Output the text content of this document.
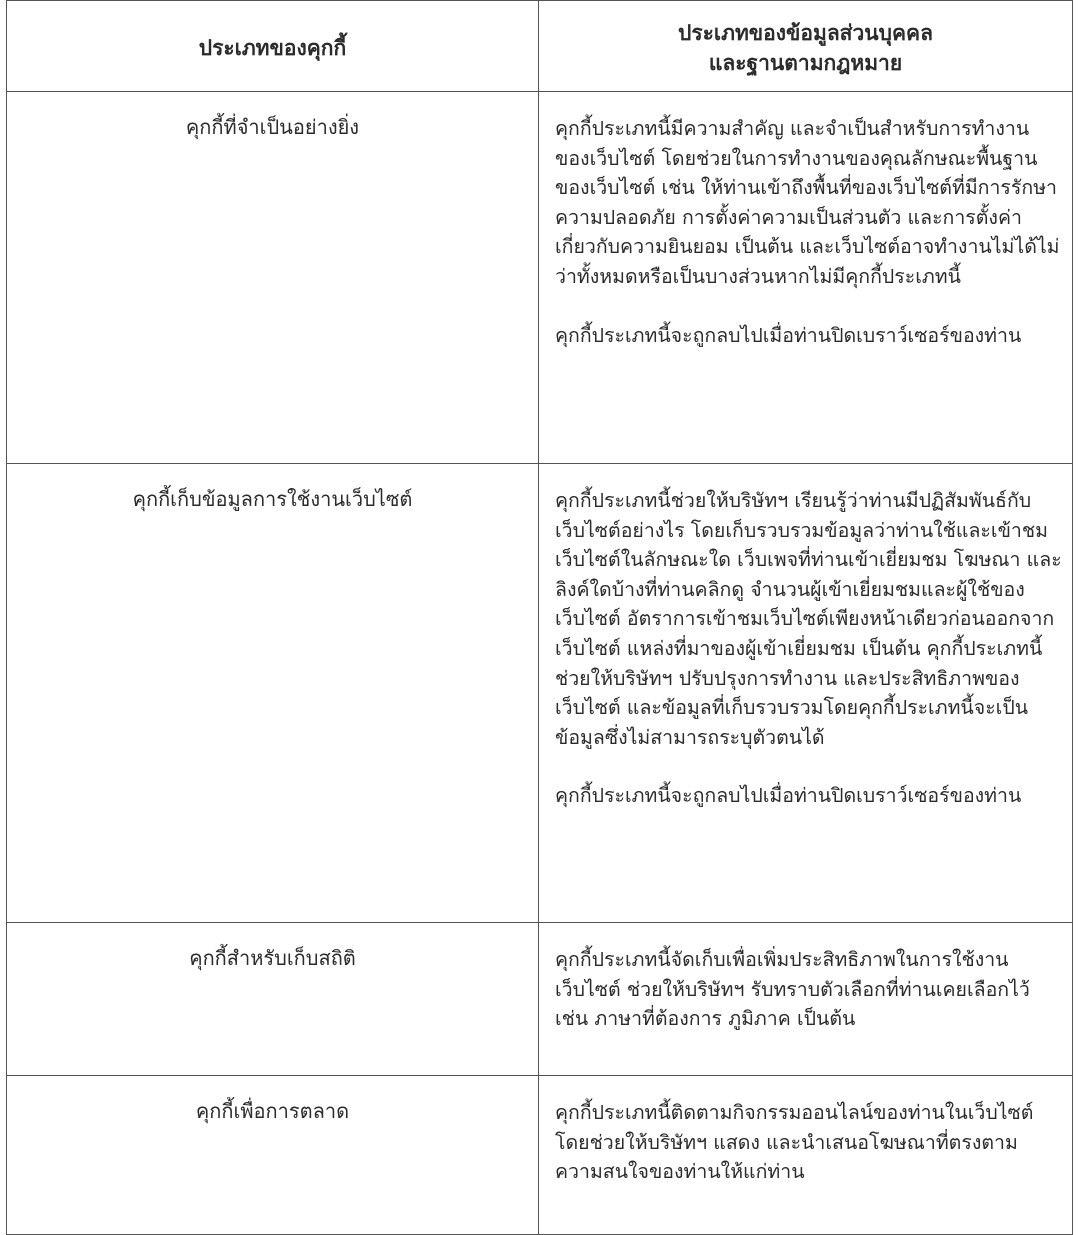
ประเภทของคุกกี้	ประเภทของข้อมูลส่วนบุคคล
และฐานตามกฎหมาย

คุกกี้ที่จำเป็นอย่างยิ่ง	คุกกี้ประเภทนี้มีความสำคัญ และจำเป็นสำหรับการทำงานของเว็บไซต์ โดยช่วยในการทำงานของคุณลักษณะพื้นฐานของเว็บไซต์ เช่น ให้ท่านเข้าถึงพื้นที่ของเว็บไซต์ที่มีการรักษาความปลอดภัย การตั้งค่าความเป็นส่วนตัว และการตั้งค่าเกี่ยวกับความยินยอม เป็นต้น และเว็บไซต์อาจทำงานไม่ได้ไม่ว่าทั้งหมดหรือเป็นบางส่วนหากไม่มีคุกกี้ประเภทนี้

คุกกี้ประเภทนี้จะถูกลบไปเมื่อท่านปิดเบราว์เซอร์ของท่าน

คุกกี้เก็บข้อมูลการใช้งานเว็บไซต์	คุกกี้ประเภทนี้ช่วยให้บริษัทฯ เรียนรู้ว่าท่านมีปฏิสัมพันธ์กับเว็บไซต์อย่างไร โดยเก็บรวบรวมข้อมูลว่าท่านใช้และเข้าชมเว็บไซต์ในลักษณะใด เว็บเพจที่ท่านเข้าเยี่ยมชม โฆษณา และลิงค์ใดบ้างที่ท่านคลิกดู จำนวนผู้เข้าเยี่ยมชมและผู้ใช้ของเว็บไซต์ อัตราการเข้าชมเว็บไซต์เพียงหน้าเดียวก่อนออกจากเว็บไซต์ แหล่งที่มาของผู้เข้าเยี่ยมชม เป็นต้น คุกกี้ประเภทนี้ช่วยให้บริษัทฯ ปรับปรุงการทำงาน และประสิทธิภาพของเว็บไซต์ และข้อมูลที่เก็บรวบรวมโดยคุกกี้ประเภทนี้จะเป็นข้อมูลซึ่งไม่สามารถระบุตัวตนได้

คุกกี้ประเภทนี้จะถูกลบไปเมื่อท่านปิดเบราว์เซอร์ของท่าน

คุกกี้สำหรับเก็บสถิติ	คุกกี้ประเภทนี้จัดเก็บเพื่อเพิ่มประสิทธิภาพในการใช้งานเว็บไซต์ ช่วยให้บริษัทฯ รับทราบตัวเลือกที่ท่านเคยเลือกไว้ เช่น ภาษาที่ต้องการ ภูมิภาค เป็นต้น

คุกกี้เพื่อการตลาด	คุกกี้ประเภทนี้ติดตามกิจกรรมออนไลน์ของท่านในเว็บไซต์ โดยช่วยให้บริษัทฯ แสดง และนำเสนอโฆษณาที่ตรงตามความสนใจของท่านให้แก่ท่าน
